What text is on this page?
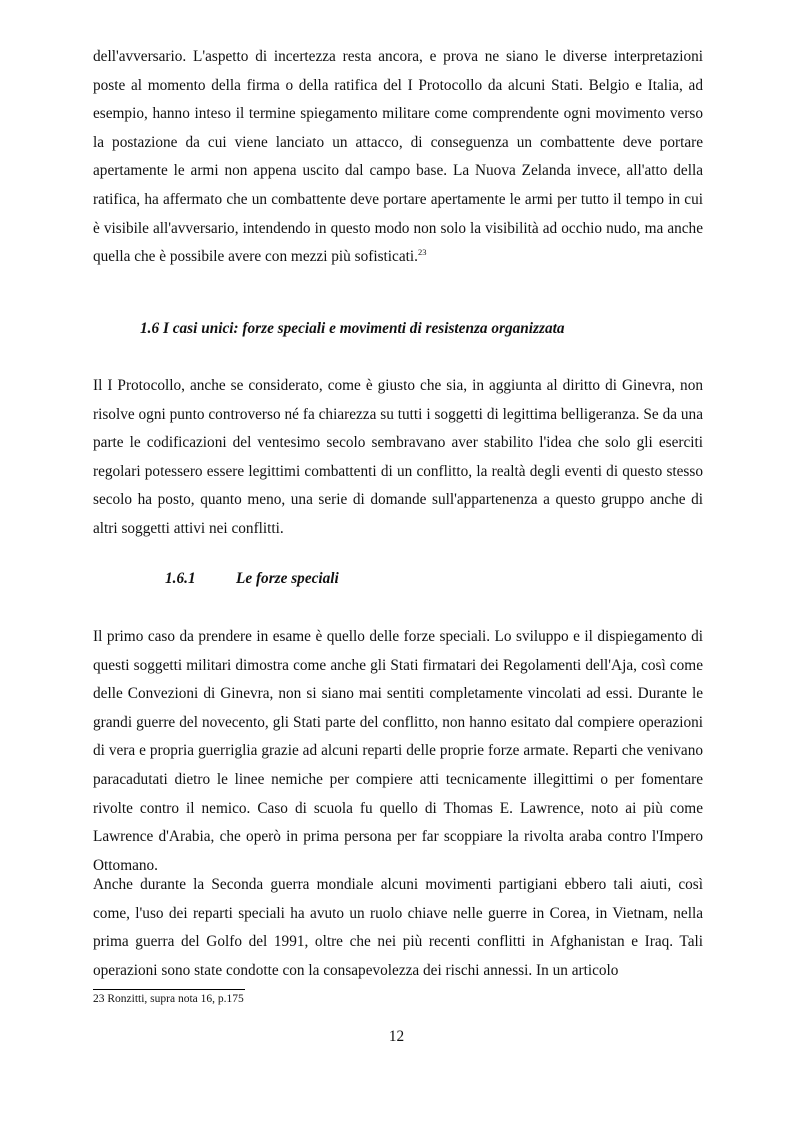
dell'avversario. L'aspetto di incertezza resta ancora, e prova ne siano le diverse interpretazioni poste al momento della firma o della ratifica del I Protocollo da alcuni Stati. Belgio e Italia, ad esempio, hanno inteso il termine spiegamento militare come comprendente ogni movimento verso la postazione da cui viene lanciato un attacco, di conseguenza un combattente deve portare apertamente le armi non appena uscito dal campo base. La Nuova Zelanda invece, all'atto della ratifica, ha affermato che un combattente deve portare apertamente le armi per tutto il tempo in cui è visibile all'avversario, intendendo in questo modo non solo la visibilità ad occhio nudo, ma anche quella che è possibile avere con mezzi più sofisticati.$^{23}$

1.6 I casi unici: forze speciali e movimenti di resistenza organizzata

Il I Protocollo, anche se considerato, come è giusto che sia, in aggiunta al diritto di Ginevra, non risolve ogni punto controverso né fa chiarezza su tutti i soggetti di legittima belligeranza. Se da una parte le codificazioni del ventesimo secolo sembravano aver stabilito l'idea che solo gli eserciti regolari potessero essere legittimi combattenti di un conflitto, la realtà degli eventi di questo stesso secolo ha posto, quanto meno, una serie di domande sull'appartenenza a questo gruppo anche di altri soggetti attivi nei conflitti.

1.6.1	Le forze speciali

Il primo caso da prendere in esame è quello delle forze speciali. Lo sviluppo e il dispiegamento di questi soggetti militari dimostra come anche gli Stati firmatari dei Regolamenti dell'Aja, così come delle Convezioni di Ginevra, non si siano mai sentiti completamente vincolati ad essi. Durante le grandi guerre del novecento, gli Stati parte del conflitto, non hanno esitato dal compiere operazioni di vera e propria guerriglia grazie ad alcuni reparti delle proprie forze armate. Reparti che venivano paracadutati dietro le linee nemiche per compiere atti tecnicamente illegittimi o per fomentare rivolte contro il nemico. Caso di scuola fu quello di Thomas E. Lawrence, noto ai più come Lawrence d'Arabia, che operò in prima persona per far scoppiare la rivolta araba contro l'Impero Ottomano.

Anche durante la Seconda guerra mondiale alcuni movimenti partigiani ebbero tali aiuti, così come, l'uso dei reparti speciali ha avuto un ruolo chiave nelle guerre in Corea, in Vietnam, nella prima guerra del Golfo del 1991, oltre che nei più recenti conflitti in Afghanistan e Iraq. Tali operazioni sono state condotte con la consapevolezza dei rischi annessi. In un articolo

23 Ronzitti, supra nota 16, p.175

12
